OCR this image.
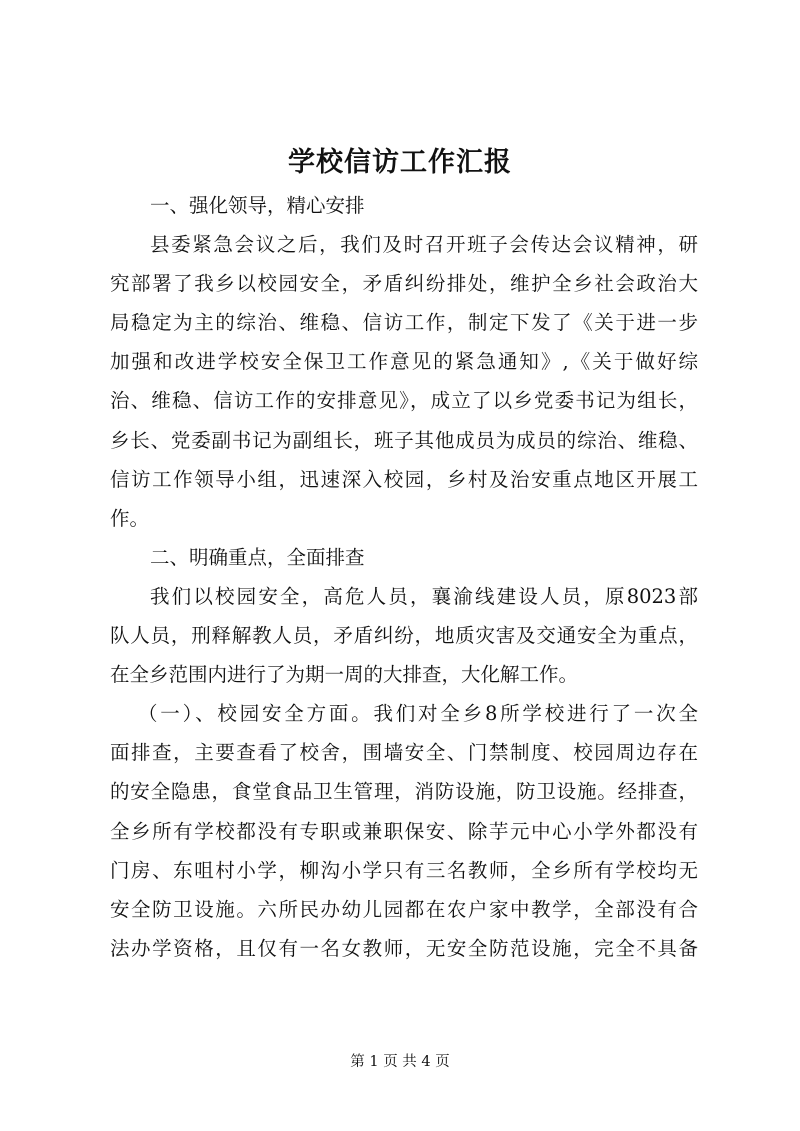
学校信访工作汇报
一、强化领导，精心安排
县委紧急会议之后，我们及时召开班子会传达会议精神，研
究部署了我乡以校园安全，矛盾纠纷排处，维护全乡社会政治大
局稳定为主的综治、维稳、信访工作，制定下发了《关于进一步
加强和改进学校安全保卫工作意见的紧急通知》,《关于做好综
治、维稳、信访工作的安排意见》，成立了以乡党委书记为组长，
乡长、党委副书记为副组长，班子其他成员为成员的综治、维稳、
信访工作领导小组，迅速深入校园，乡村及治安重点地区开展工
作。
二、明确重点，全面排查
我们以校园安全，高危人员，襄渝线建设人员，原8023部
队人员，刑释解教人员，矛盾纠纷，地质灾害及交通安全为重点，
在全乡范围内进行了为期一周的大排查，大化解工作。
（一）、校园安全方面。我们对全乡8所学校进行了一次全
面排查，主要查看了校舍，围墙安全、门禁制度、校园周边存在
的安全隐患，食堂食品卫生管理，消防设施，防卫设施。经排查，
全乡所有学校都没有专职或兼职保安、除芋元中心小学外都没有
门房、东咀村小学，柳沟小学只有三名教师，全乡所有学校均无
安全防卫设施。六所民办幼儿园都在农户家中教学，全部没有合
法办学资格，且仅有一名女教师，无安全防范设施，完全不具备
第 1 页 共 4 页
